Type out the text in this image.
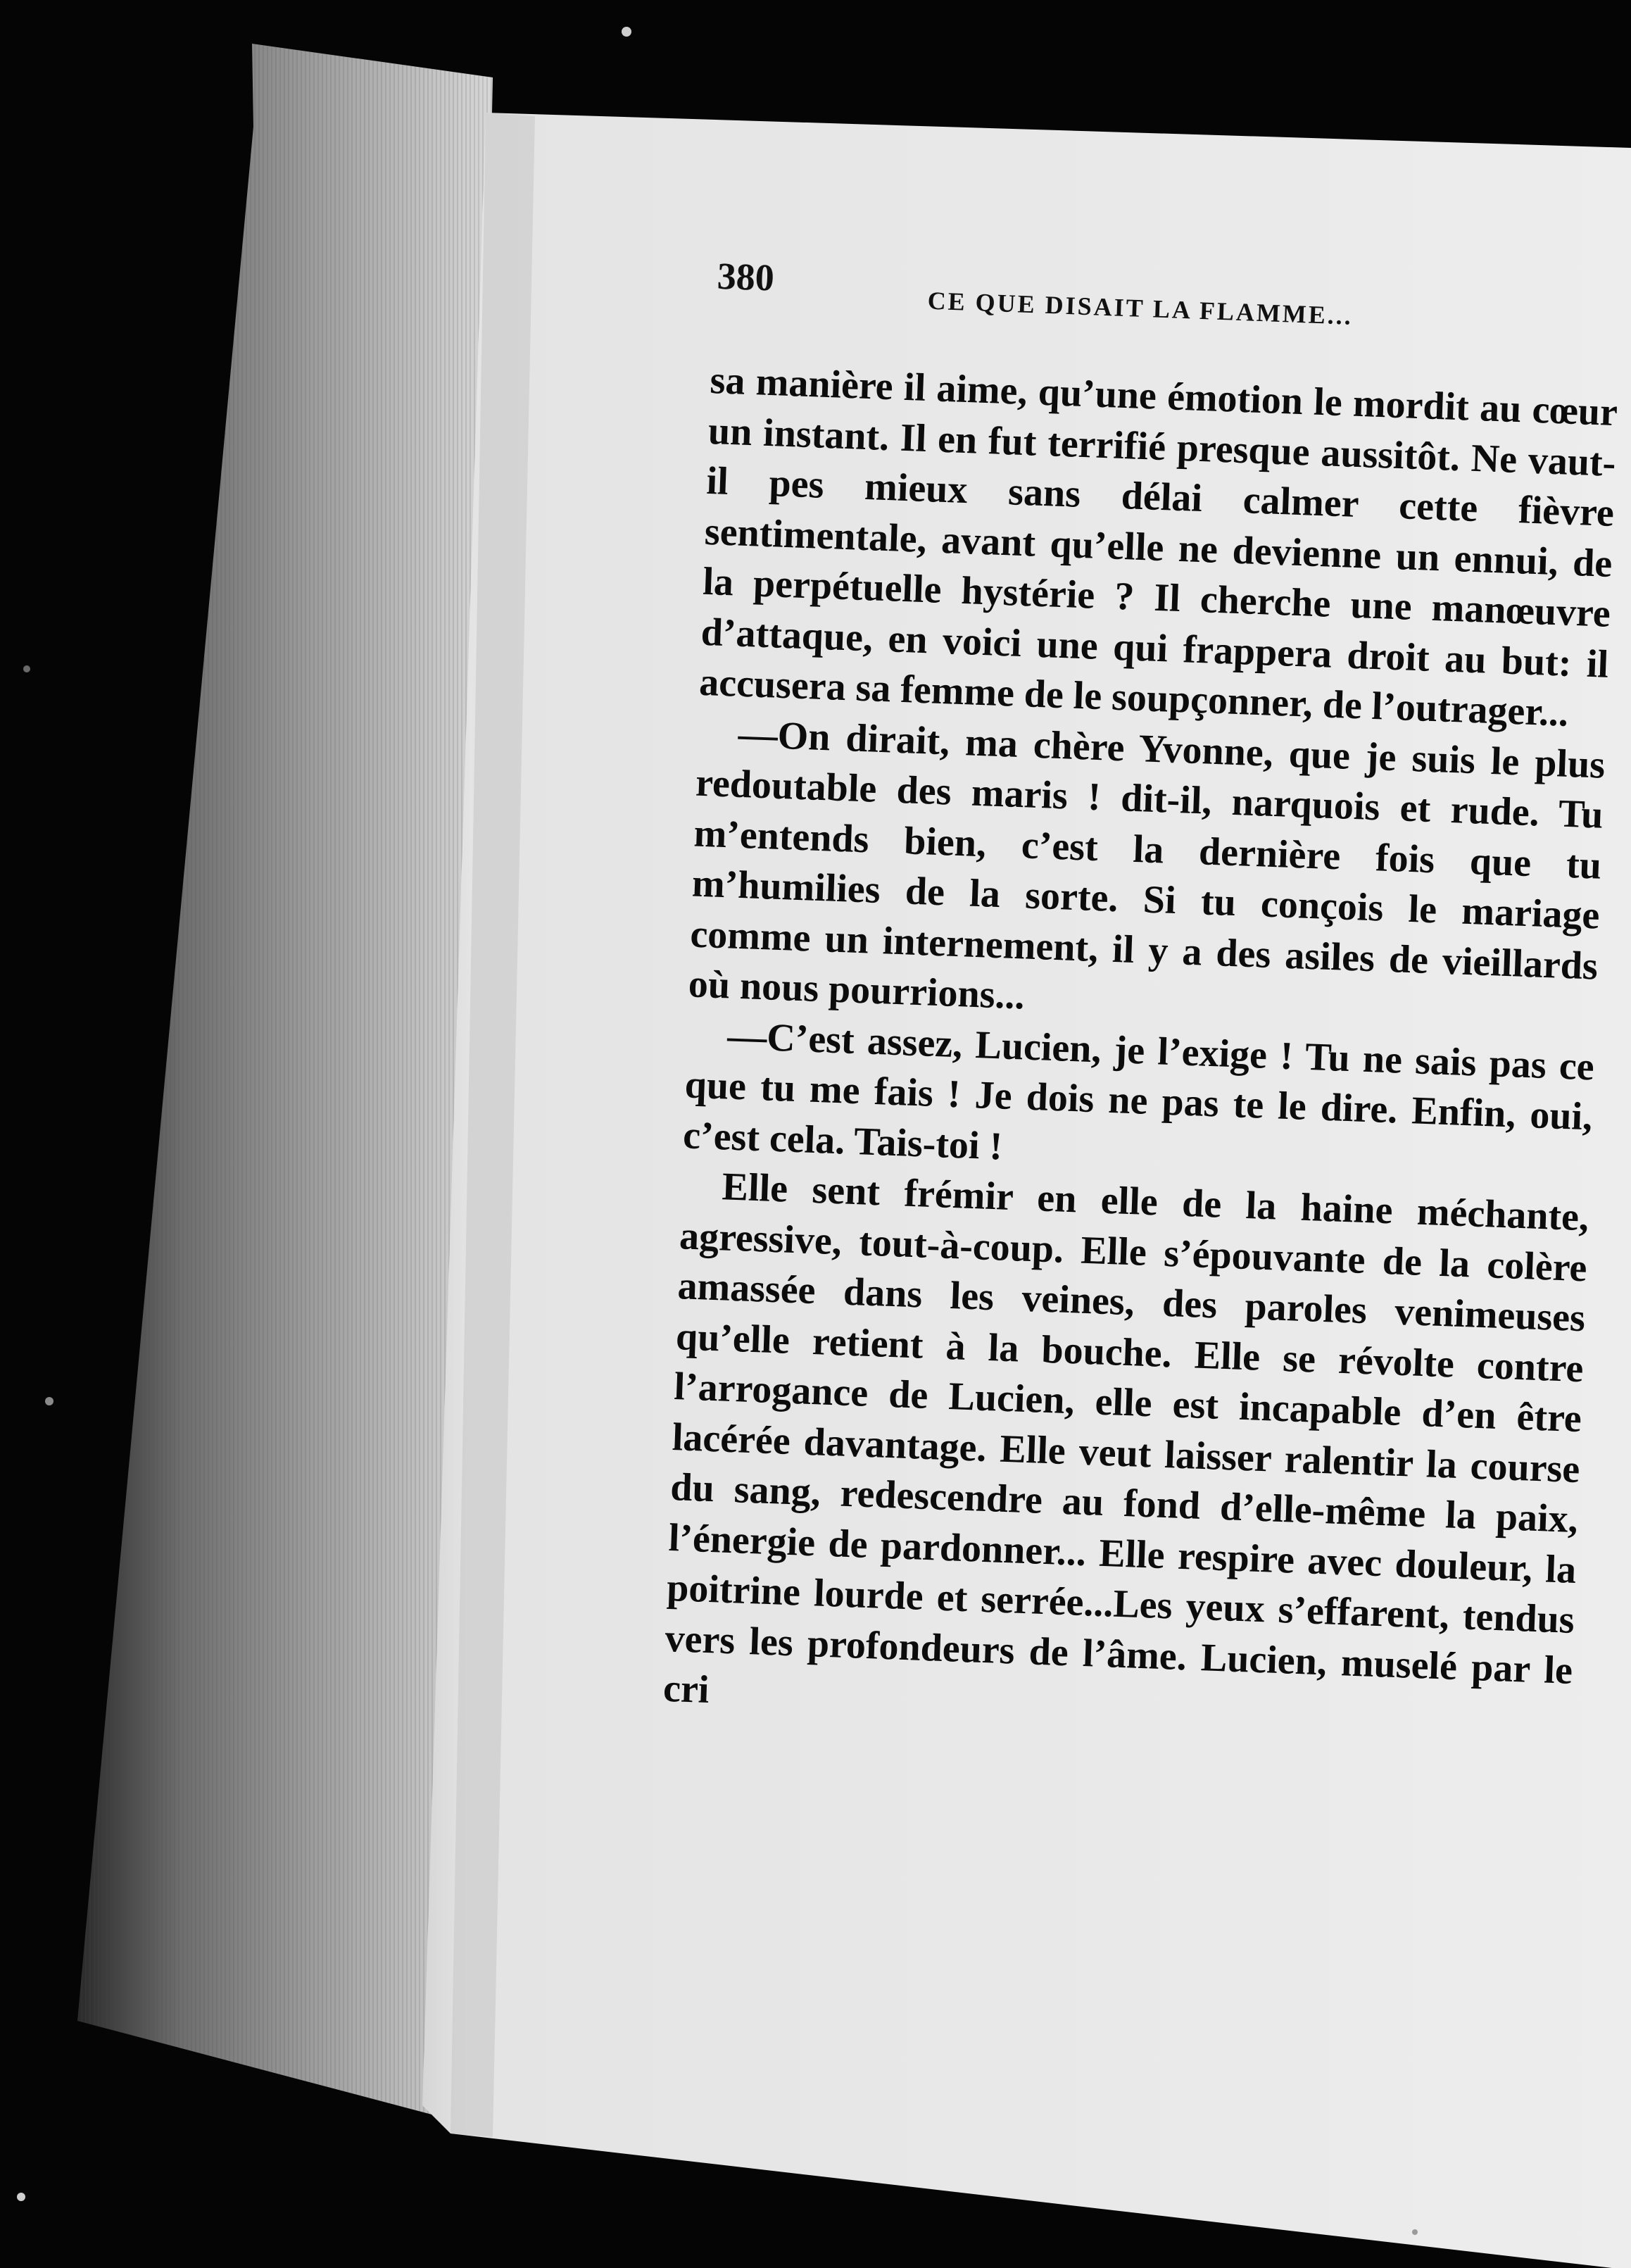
380
CE QUE DISAIT LA FLAMME...

sa manière il aime, qu’une émotion le mordit au cœur un instant. Il en fut terrifié presque aussitôt. Ne vaut-il pes mieux sans délai calmer cette fièvre sentimentale, avant qu’elle ne devienne un ennui, de la perpétuelle hystérie ? Il cherche une manœuvre d’attaque, en voici une qui frappera droit au but: il accusera sa femme de le soupçonner, de l’outrager...

—On dirait, ma chère Yvonne, que je suis le plus redoutable des maris ! dit-il, narquois et rude. Tu m’entends bien, c’est la dernière fois que tu m’humilies de la sorte. Si tu conçois le mariage comme un internement, il y a des asiles de vieillards où nous pourrions...

—C’est assez, Lucien, je l’exige ! Tu ne sais pas ce que tu me fais ! Je dois ne pas te le dire. Enfin, oui, c’est cela. Tais-toi !

Elle sent frémir en elle de la haine méchante, agressive, tout-à-coup. Elle s’épouvante de la colère amassée dans les veines, des paroles venimeuses qu’elle retient à la bouche. Elle se révolte contre l’arrogance de Lucien, elle est incapable d’en être lacérée davantage. Elle veut laisser ralentir la course du sang, redescendre au fond d’elle-même la paix, l’énergie de pardonner... Elle respire avec douleur, la poitrine lourde et serrée...Les yeux s’effarent, tendus vers les profondeurs de l’âme. Lucien, muselé par le cri
